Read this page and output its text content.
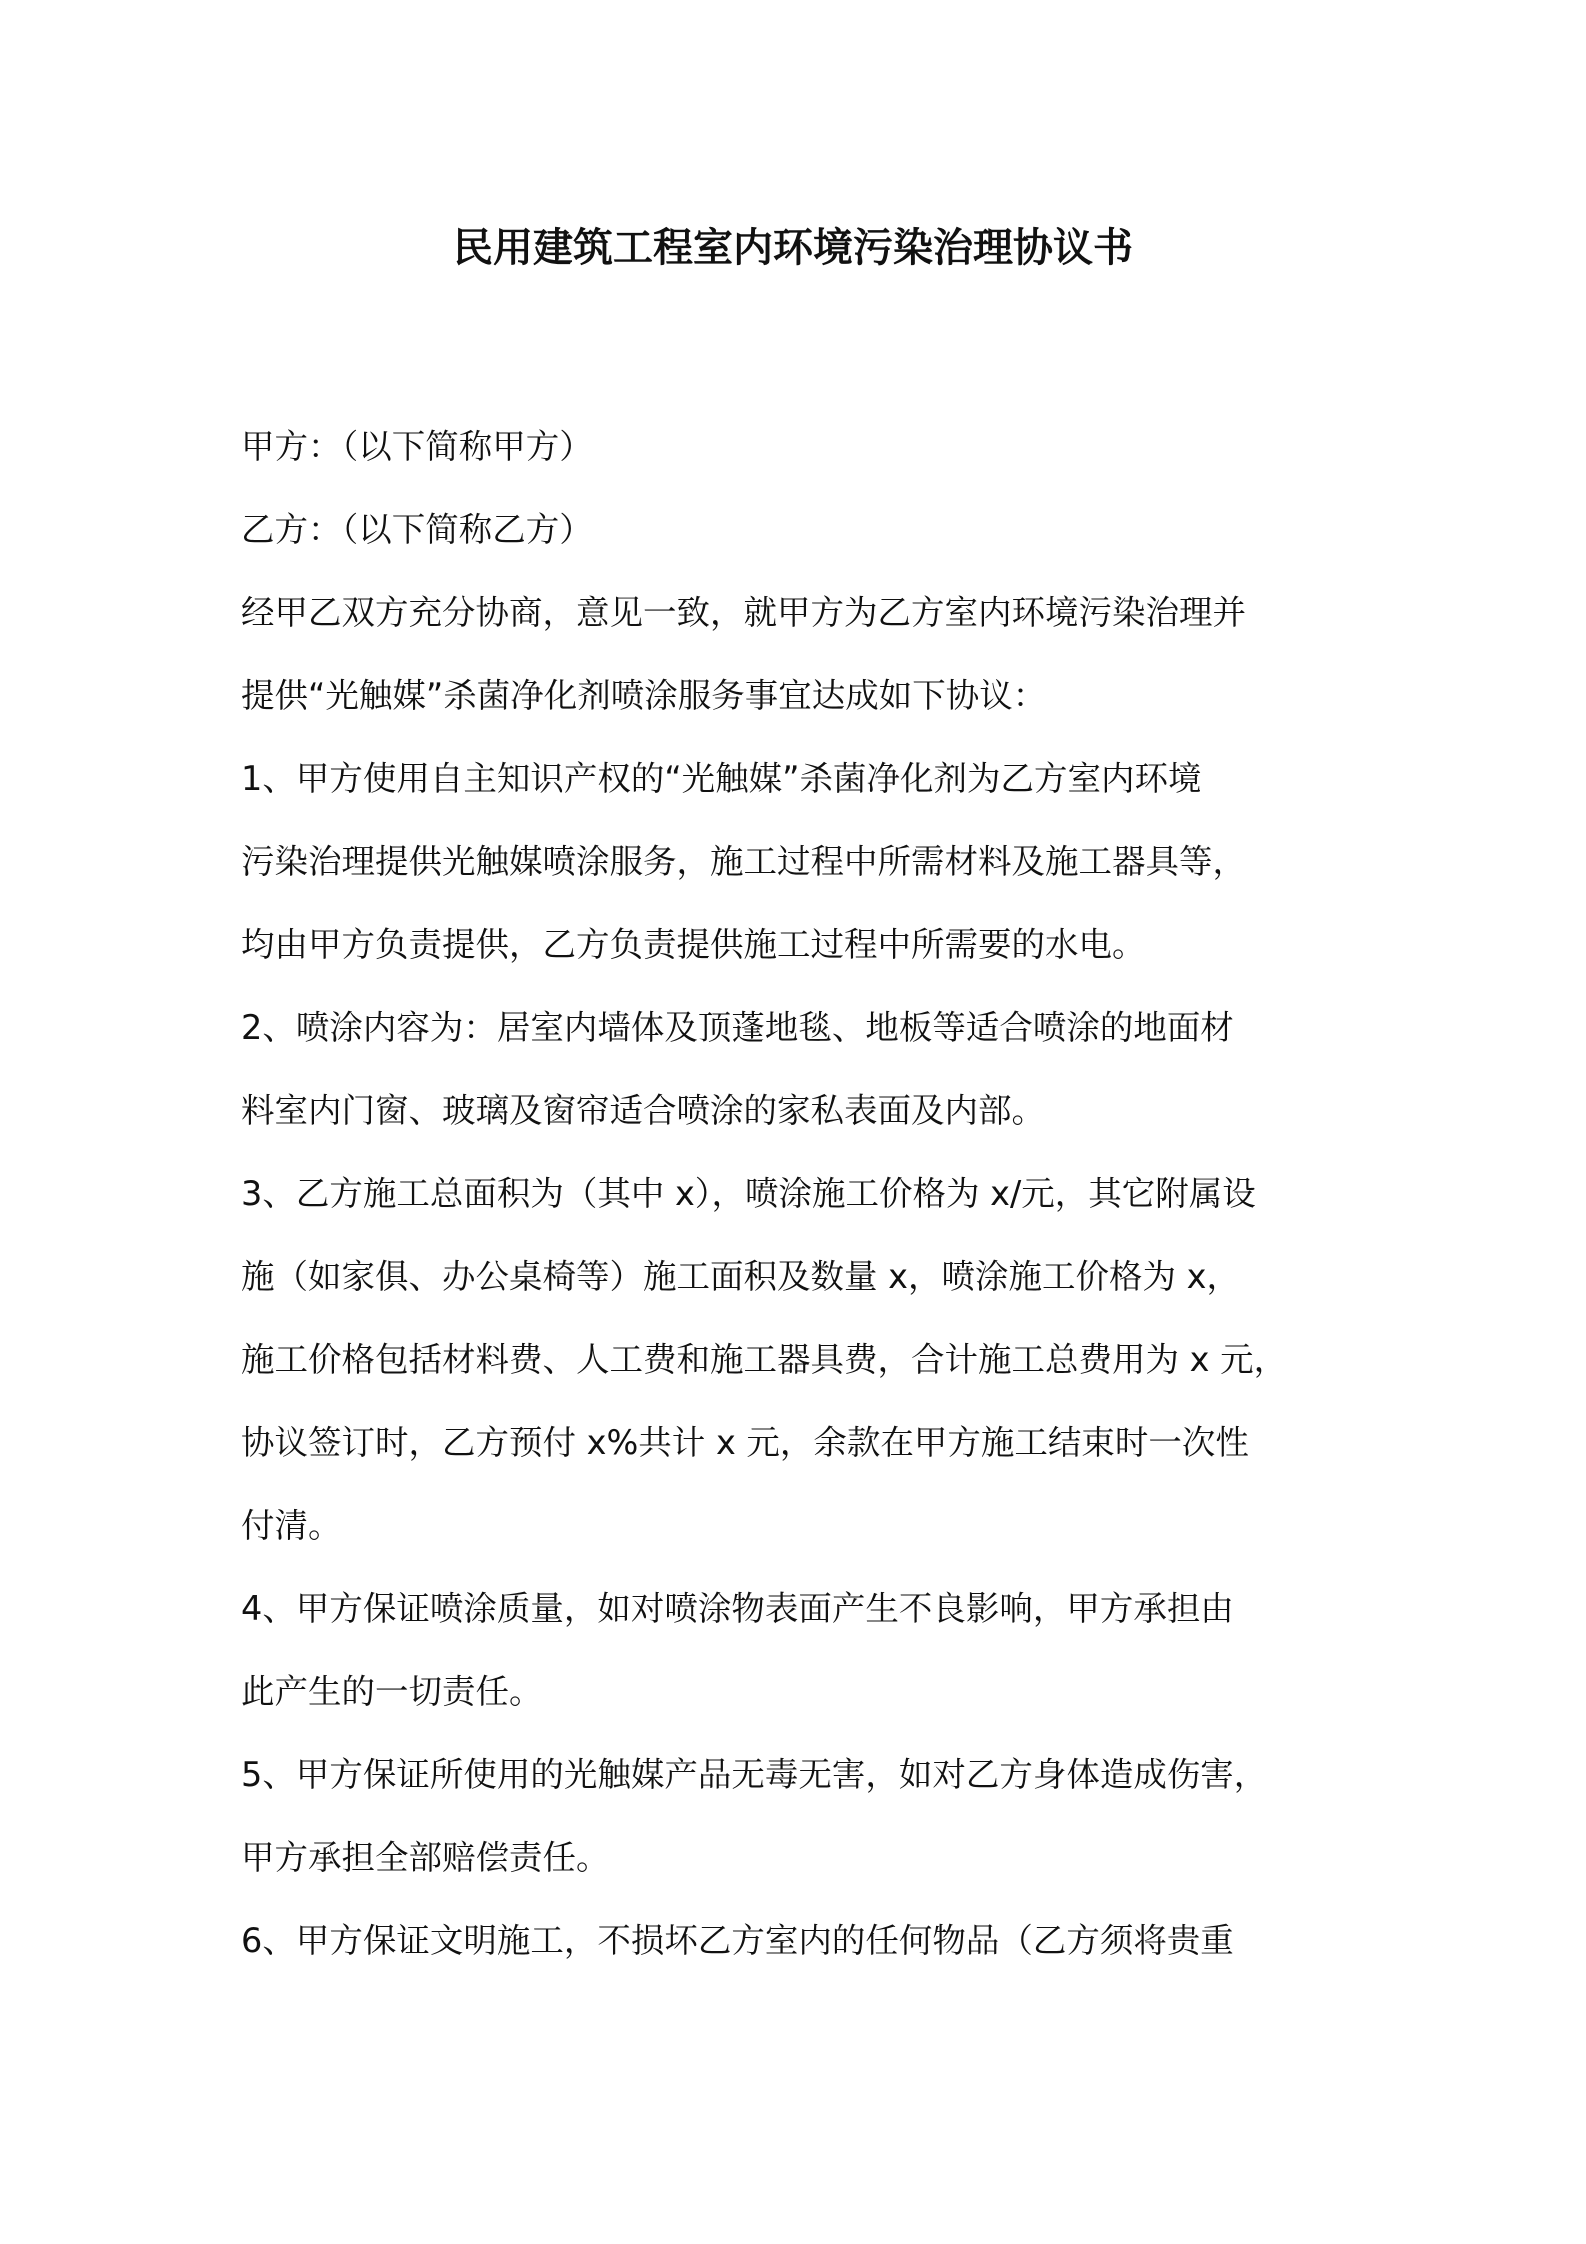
民用建筑工程室内环境污染治理协议书

甲方：（以下简称甲方）

乙方：（以下简称乙方）

经甲乙双方充分协商，意见一致，就甲方为乙方室内环境污染治理并

提供“光触媒”杀菌净化剂喷涂服务事宜达成如下协议：

1、甲方使用自主知识产权的“光触媒”杀菌净化剂为乙方室内环境

污染治理提供光触媒喷涂服务，施工过程中所需材料及施工器具等，

均由甲方负责提供，乙方负责提供施工过程中所需要的水电。

2、喷涂内容为：居室内墙体及顶蓬地毯、地板等适合喷涂的地面材

料室内门窗、玻璃及窗帘适合喷涂的家私表面及内部。

3、乙方施工总面积为（其中 x），喷涂施工价格为 x/元，其它附属设

施（如家俱、办公桌椅等）施工面积及数量 x，喷涂施工价格为 x，

施工价格包括材料费、人工费和施工器具费，合计施工总费用为 x 元，

协议签订时，乙方预付 x%共计 x 元，余款在甲方施工结束时一次性

付清。

4、甲方保证喷涂质量，如对喷涂物表面产生不良影响，甲方承担由

此产生的一切责任。

5、甲方保证所使用的光触媒产品无毒无害，如对乙方身体造成伤害，

甲方承担全部赔偿责任。

6、甲方保证文明施工，不损坏乙方室内的任何物品（乙方须将贵重
